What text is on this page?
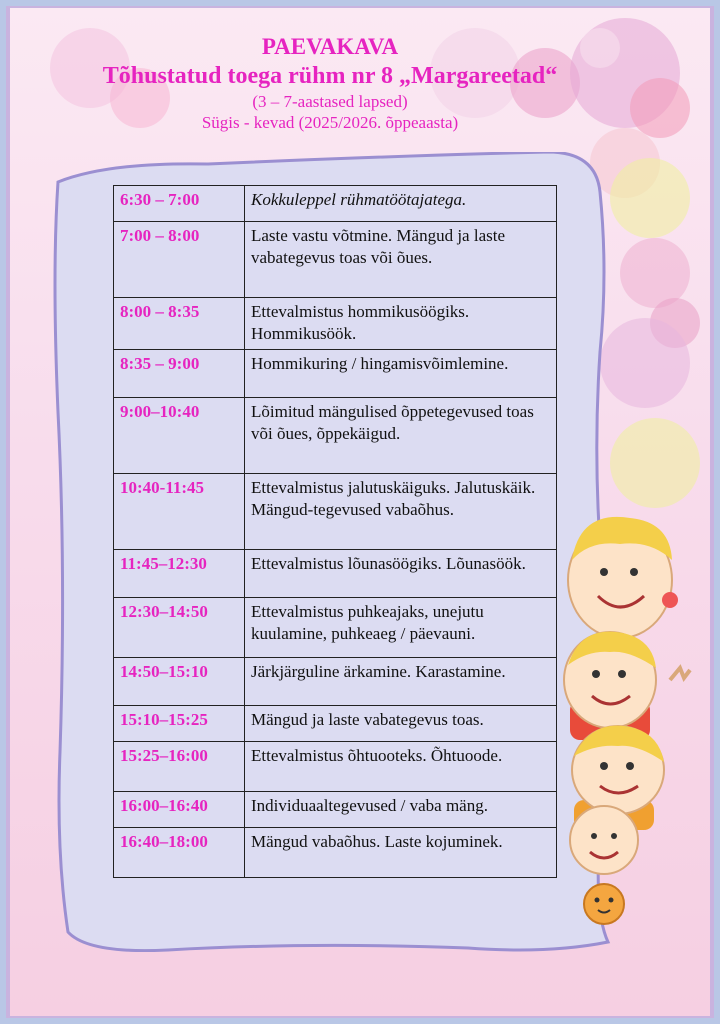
PAEVAKAVA
Tõhustatud toega rühm nr 8 „Margareetad“
(3 – 7-aastased lapsed)
Sügis - kevad (2025/2026. õppeaasta)
6:30 – 7:00	Kokkuleppel rühmatöötajatega.
7:00 – 8:00	Laste vastu võtmine. Mängud ja laste vabategevus toas või õues.
8:00 – 8:35	Ettevalmistus hommikusöögiks. Hommikusöök.
8:35 – 9:00	Hommikuring / hingamisvõimlemine.
9:00–10:40	Lõimitud mängulised õppetegevused toas või õues, õppekäigud.
10:40-11:45	Ettevalmistus jalutuskäiguks. Jalutuskäik. Mängud-tegevused vabaõhus.
11:45–12:30	Ettevalmistus lõunasöögiks. Lõunasöök.
12:30–14:50	Ettevalmistus puhkeajaks, unejutu kuulamine, puhkeaeg / päevauni.
14:50–15:10	Järkjärguline ärkamine. Karastamine.
15:10–15:25	Mängud ja laste vabategevus toas.
15:25–16:00	Ettevalmistus õhtuooteks. Õhtuoode.
16:00–16:40	Individuaaltegevused / vaba mäng.
16:40–18:00	Mängud vabaõhus. Laste kojuminek.
